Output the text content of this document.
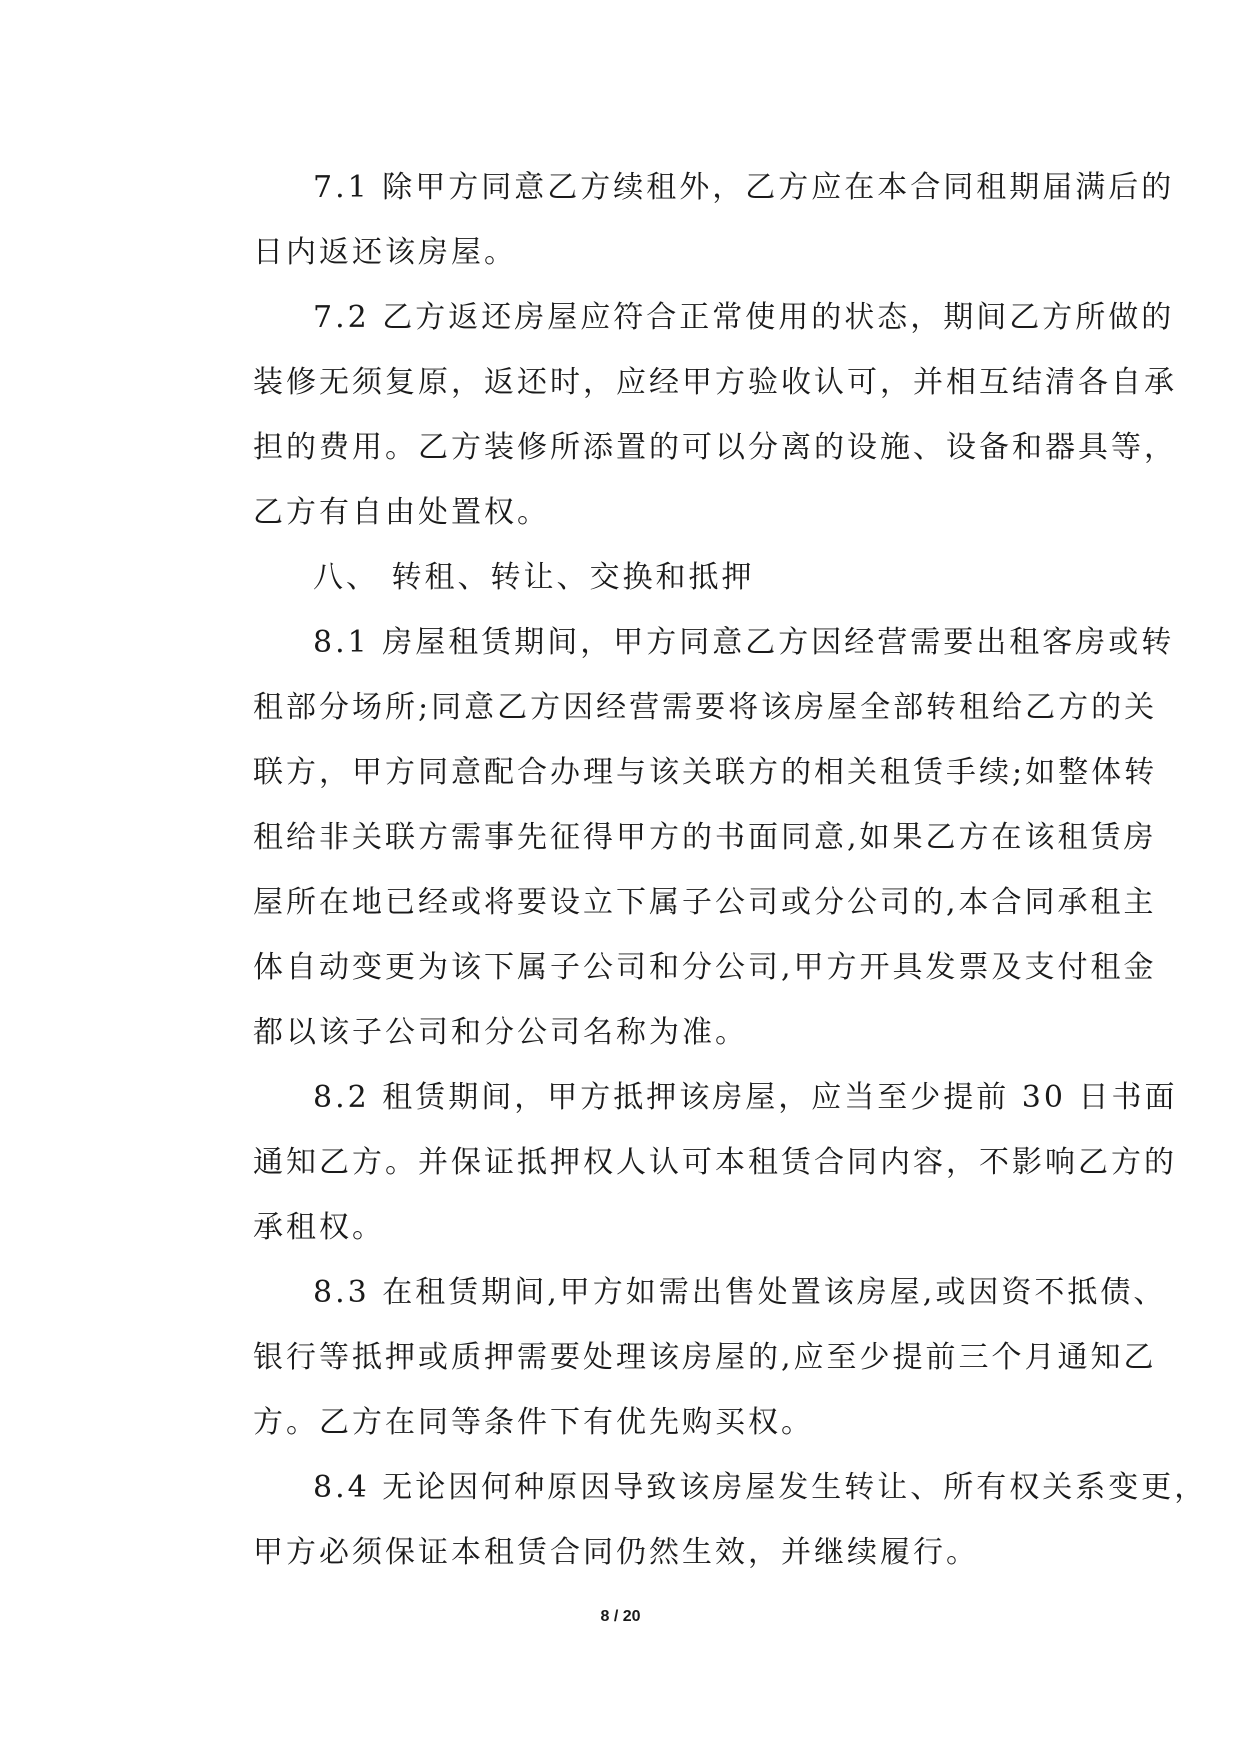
7.1 除甲方同意乙方续租外，乙方应在本合同租期届满后的
日内返还该房屋。
7.2 乙方返还房屋应符合正常使用的状态，期间乙方所做的
装修无须复原，返还时，应经甲方验收认可，并相互结清各自承
担的费用。乙方装修所添置的可以分离的设施、设备和器具等，
乙方有自由处置权。
八、 转租、转让、交换和抵押
8.1 房屋租赁期间，甲方同意乙方因经营需要出租客房或转
租部分场所;同意乙方因经营需要将该房屋全部转租给乙方的关
联方，甲方同意配合办理与该关联方的相关租赁手续;如整体转
租给非关联方需事先征得甲方的书面同意,如果乙方在该租赁房
屋所在地已经或将要设立下属子公司或分公司的,本合同承租主
体自动变更为该下属子公司和分公司,甲方开具发票及支付租金
都以该子公司和分公司名称为准。
8.2 租赁期间，甲方抵押该房屋，应当至少提前 30 日书面
通知乙方。并保证抵押权人认可本租赁合同内容，不影响乙方的
承租权。
8.3 在租赁期间,甲方如需出售处置该房屋,或因资不抵债、
银行等抵押或质押需要处理该房屋的,应至少提前三个月通知乙
方。乙方在同等条件下有优先购买权。
8.4 无论因何种原因导致该房屋发生转让、所有权关系变更，
甲方必须保证本租赁合同仍然生效，并继续履行。
8 / 20
